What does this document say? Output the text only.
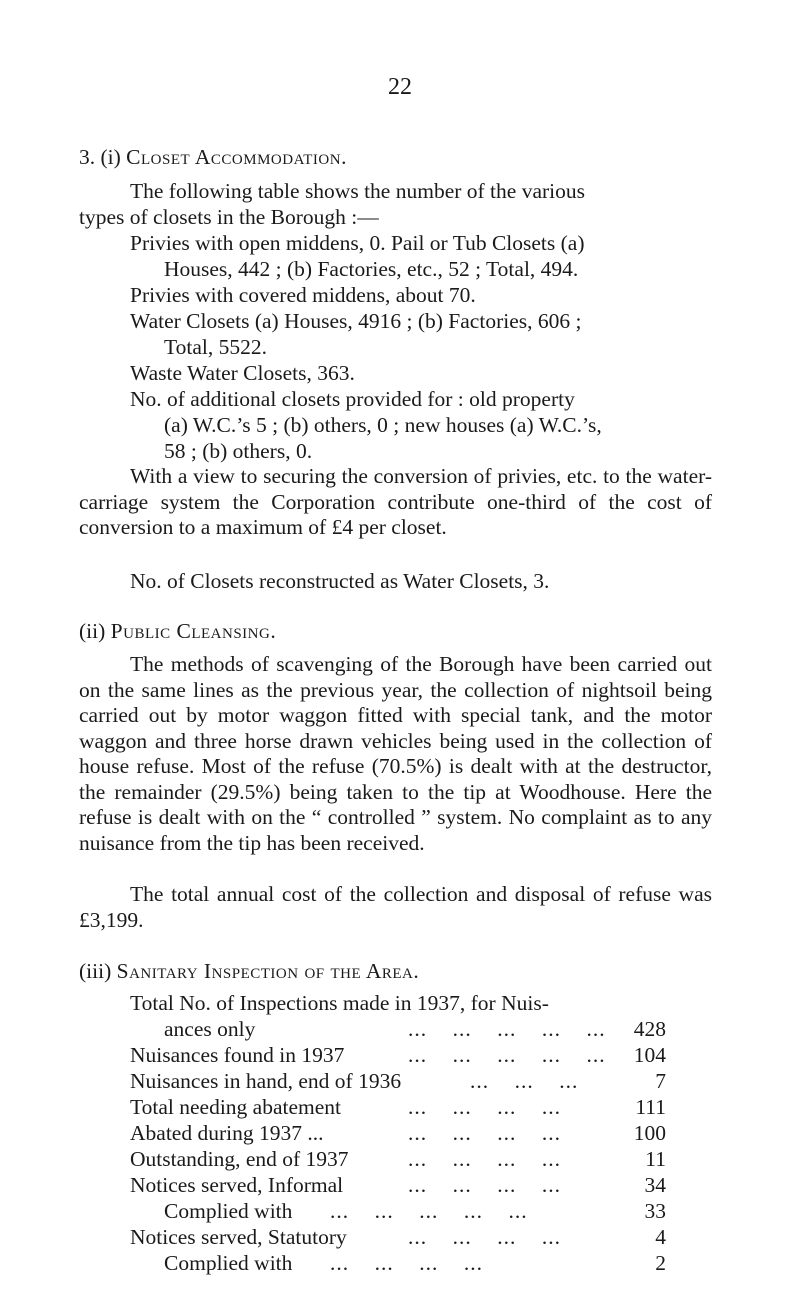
22
3. (i) Closet Accommodation.
The following table shows the number of the various
types of closets in the Borough :—
Privies with open middens, 0. Pail or Tub Closets (a)
Houses, 442 ; (b) Factories, etc., 52 ; Total, 494.
Privies with covered middens, about 70.
Water Closets (a) Houses, 4916 ; (b) Factories, 606 ;
Total, 5522.
Waste Water Closets, 363.
No. of additional closets provided for : old property
(a) W.C.’s 5 ; (b) others, 0 ; new houses (a) W.C.’s,
58 ; (b) others, 0.
With a view to securing the conversion of privies, etc. to the water-carriage system the Corporation contribute one-third of the cost of conversion to a maximum of £4 per closet.
No. of Closets reconstructed as Water Closets, 3.
(ii) Public Cleansing.
The methods of scavenging of the Borough have been carried out on the same lines as the previous year, the collection of nightsoil being carried out by motor waggon fitted with special tank, and the motor waggon and three horse drawn vehicles being used in the collection of house refuse. Most of the refuse (70.5%) is dealt with at the destructor, the remainder (29.5%) being taken to the tip at Woodhouse. Here the refuse is dealt with on the “ controlled ” system. No complaint as to any nuisance from the tip has been received.
The total annual cost of the collection and disposal of refuse was £3,199.
(iii) Sanitary Inspection of the Area.
Total No. of Inspections made in 1937, for Nuis-
ances only	...    ...    ...    ...    ... 428
Nuisances found in 1937	...    ...    ...    ...    ... 104
Nuisances in hand, end of 1936	...    ...    ...	7
Total needing abatement	...    ...    ...    ...	111
Abated during 1937 ...	...    ...    ...    ...	100
Outstanding, end of 1937	...    ...    ...    ...	11
Notices served, Informal	...    ...    ...    ...	34
Complied with ...    ...    ...    ...    ...	33
Notices served, Statutory	...    ...    ...    ...	4
Complied with ...    ...    ...    ...	2
